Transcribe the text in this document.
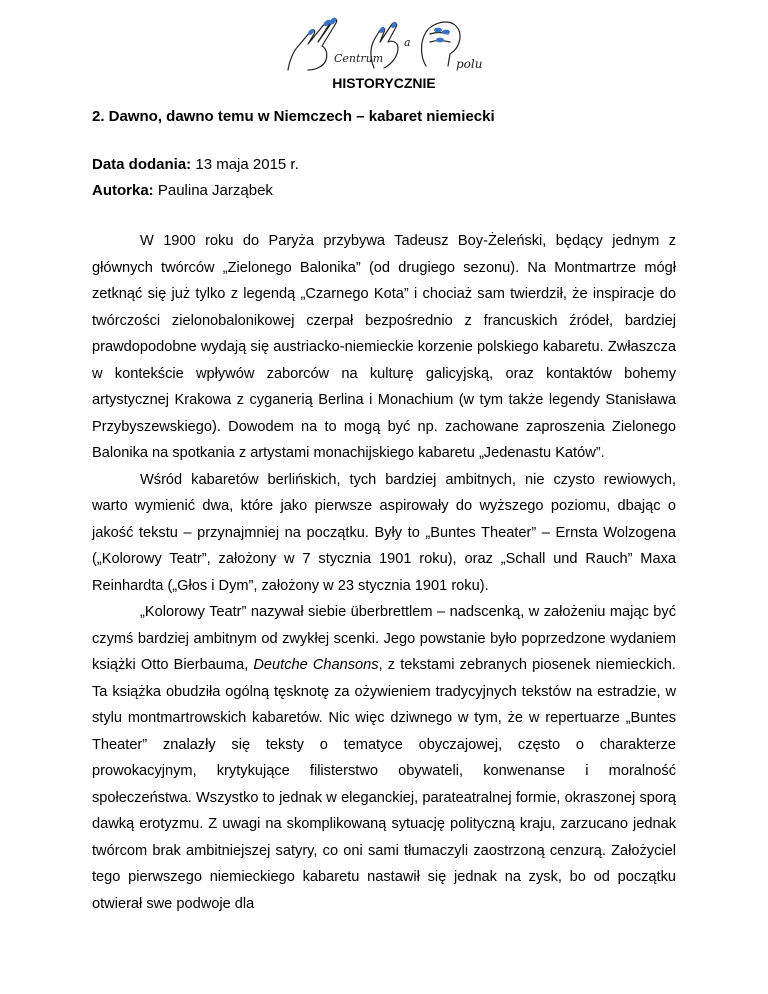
Centrum
a
polu
HISTORYCZNIE
2. Dawno, dawno temu w Niemczech – kabaret niemiecki
Data dodania: 13 maja 2015 r.
Autorka: Paulina Jarząbek

W 1900 roku do Paryża przybywa Tadeusz Boy-Żeleński, będący jednym z głównych twórców „Zielonego Balonika” (od drugiego sezonu). Na Montmartrze mógł zetknąć się już tylko z legendą „Czarnego Kota” i chociaż sam twierdził, że inspiracje do twórczości zielonobalonikowej czerpał bezpośrednio z francuskich źródeł, bardziej prawdopodobne wydają się austriacko-niemieckie korzenie polskiego kabaretu. Zwłaszcza w kontekście wpływów zaborców na kulturę galicyjską, oraz kontaktów bohemy artystycznej Krakowa z cyganerią Berlina i Monachium (w tym także legendy Stanisława Przybyszewskiego). Dowodem na to mogą być np. zachowane zaproszenia Zielonego Balonika na spotkania z artystami monachijskiego kabaretu „Jedenastu Katów”.

Wśród kabaretów berlińskich, tych bardziej ambitnych, nie czysto rewiowych, warto wymienić dwa, które jako pierwsze aspirowały do wyższego poziomu, dbając o jakość tekstu – przynajmniej na początku. Były to „Buntes Theater” – Ernsta Wolzogena („Kolorowy Teatr”, założony w 7 stycznia 1901 roku), oraz „Schall und Rauch” Maxa Reinhardta („Głos i Dym”, założony w 23 stycznia 1901 roku).

„Kolorowy Teatr” nazywał siebie überbrettlem – nadscenką, w założeniu mając być czymś bardziej ambitnym od zwykłej scenki. Jego powstanie było poprzedzone wydaniem książki Otto Bierbauma, Deutche Chansons, z tekstami zebranych piosenek niemieckich. Ta książka obudziła ogólną tęsknotę za ożywieniem tradycyjnych tekstów na estradzie, w stylu montmartrowskich kabaretów. Nic więc dziwnego w tym, że w repertuarze „Buntes Theater” znalazły się teksty o tematyce obyczajowej, często o charakterze prowokacyjnym, krytykujące filisterstwo obywateli, konwenanse i moralność społeczeństwa. Wszystko to jednak w eleganckiej, parateatralnej formie, okraszonej sporą dawką erotyzmu. Z uwagi na skomplikowaną sytuację polityczną kraju, zarzucano jednak twórcom brak ambitniejszej satyry, co oni sami tłumaczyli zaostrzoną cenzurą. Założyciel tego pierwszego niemieckiego kabaretu nastawił się jednak na zysk, bo od początku otwierał swe podwoje dla
